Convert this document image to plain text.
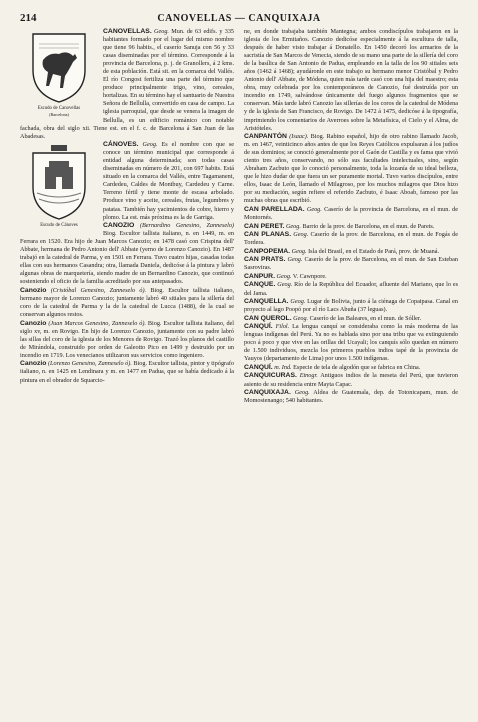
214	CANOVELLAS — CANQUIXAJA
Escudo de Canovellas
(Barcelona)

CANOVELLAS. Geog. Mun. de 63 edifs. y 335 habitantes formado por el lugar del mismo nombre que tiene 96 habits., el caserío Sanuja con 56 y 33 casas diseminadas por el término. Corresponde á la provincia de Barcelona, p. j. de Granollers, á 2 kms. de esta población. Está sit. en la comarca del Vallés. El río Congost fertiliza una parte del término que produce principalmente trigo, vino, cereales, hortalizas. En su término hay el santuario de Nuestra Señora de Bellulla, convertido en casa de campo. La iglesia parroquial, que desde se venera la imagen de Bellulla, es un edificio románico con notable fachada, obra del siglo xii. Tiene est. en el f. c. de Barcelona á San Juan de las Abadesas.

Escudo de Cánoves

CÁNOVES. Geog. Es el nombre con que se conoce un término municipal que corresponde á entidad alguna determinada; son todas casas diseminadas en número de 201, con 697 habits. Está situado en la comarca del Vallés, entre Tagamanent, Cardedeu, Caldes de Montbuy, Cardedeu y Carne. Terreno fértil y tiene monte de escasa arbolado. Produce vino y aceite, cereales, frutas, legumbres y patatas. También hay yacimientos de cobre, hierro y plomo. La est. más próxima es la de Garriga.

CANOZIO (Bernardino Genesino, Zanneselo) Biog. Escultor tallista italiano, n. en 1449, m. en Ferrara en 1520. Era hijo de Juan Marcos Canozio; en 1478 casó con Crispina dell' Abbate, hermana de Pedro Antonio dell' Abbate (yerno de Lorenzo Canozio). En 1487 trabajó en la catedral de Parma, y en 1501 en Ferrara. Tuvo cuatro hijas, casadas todas ellas con sus hermanos Casandra; otra, llamada Daniela, dedicóse á la pintura y labró algunas obras de marquetería, siendo madre de un Bernardino Canozio, que continuó sosteniendo el oficio de la familia acreditado por sus antepasados.

Canozio (Cristóbal Genesino, Zanneselo ó). Biog. Escultor tallista italiano, hermano mayor de Lorenzo Canozio; juntamente labró 40 sitiales para la sillería del coro de la catedral de Parma y la de la catedral de Lucca (1488), de la cual se conservan algunos restos.

Canozio (Juan Marcos Genesino, Zanneselo ó). Biog. Escultor tallista italiano, del siglo xv, m. en Rovigo. En hijo de Lorenzo Canozio, juntamente con su padre labró las sillas del coro de la iglesia de los Menores de Rovigo. Trazó los planos del castillo de Mirándola, construido por orden de Galeotto Pico en 1499 y destruido por un incendio en 1719. Los venecianos utilizaron sus servicios como ingeniero.

Canozio (Lorenzo Genesino, Zanneselo ó). Biog. Escultor tallista, pintor y tipógrafo italiano, n. en 1425 en Lendinara y m. en 1477 en Padua, que se había dedicado á la pintura en el obrador de Squarcio-

ne, en donde trabajaba también Mantegna; ambos condiscípulos trabajaron en la iglesia de los Ermitaños. Canozio dedicóse especialmente á la escultura de talla, después de haber visto trabajar á Donatello. En 1450 decoró los armarios de la sacristía de San Marcos de Venecia, siendo de su mano una parte de la sillería del coro de la basílica de San Antonio de Padua, empleando en la talla de los 90 sitiales seis años (1462 á 1468); ayudáronle en este trabajo su hermano menor Cristóbal y Pedro Antonio dell' Abbate, de Módena, quien más tarde casó con una hija del maestro; esta obra, muy celebrada por los contemporáneos de Canozio, fué destruída por un incendio en 1749, salvándose únicamente del fuego algunos fragmentos que se conservan. Más tarde labró Canozio las sillerías de los coros de la catedral de Módena y de la iglesia de San Francisco, de Rovigo. De 1472 á 1475, dedicóse á la tipografía, imprimiendo los comentarios de Averroes sobre la Metafísica, el Cielo y el Alma, de Aristóteles.

CANPANTÓN (Isaac). Biog. Rabino español, hijo de otro rabino llamado Jacob, m. en 1467, veinticinco años antes de que los Reyes Católicos expulsaran á los judíos de sus dominios; se conoció generalmente por el Gaón de Castilla y es fama que vivió ciento tres años, conservando, no sólo sus facultades intelectuales, sino, según Abraham Zacbuto que lo conoció personalmente, toda la lozanía de su ideal belleza, que le hizo dudar de que fuera un ser puramente mortal. Tuvo varios discípulos, entre ellos, Isaac de León, llamado el Milagroso, por los muchos milagros que Dios hizo por su mediación, según refiere el referido Zacbuto, é Isaac Aboab, famoso por las muchas obras que escribió.

CAN PARELLADA. Geog. Caserío de la provincia de Barcelona, en el mun. de Montornés.

CAN PERET. Geog. Barrio de la prov. de Barcelona, en el mun. de Parets.

CAN PLANAS. Geog. Caserío de la prov. de Barcelona, en el mun. de Fogás de Tordera.

CANPOPEMA. Geog. Isla del Brasil, en el Estado de Pará, prov. de Muaná.

CAN PRATS. Geog. Caserío de la prov. de Barcelona, en el mun. de San Esteban Sasroviras.

CANPUR. Geog. V. Cawnpore.

CANQUE. Geog. Río de la República del Ecuador, afluente del Mariano, que lo es del Jama.

CANQUELLA. Geog. Lugar de Bolivia, junto á la ciénaga de Copaipasa. Canal en proyecto al lago Poopó por el río Lacs Abuña (37 leguas).

CAN QUEROL. Geog. Caserío de las Baleares, en el mun. de Sóller.

CANQUÍ. Filol. La lengua canquí se consideraba como la más moderna de las lenguas indígenas del Perú. Ya no es hablada sino por una tribu que va extinguiendo poco á poco y que vive en las orillas del Ucayali; los canquís sólo quedan en número de 1.500 individuos, mezcla los primeros pueblos indios tapé de la provincia de Yauyos (departamento de Lima) por unos 1.500 indígenas.

CANQUÍ. m. Ind. Especie de tela de algodón que se fabrica en China.

CANQUICURAS. Etnogr. Antiguos indios de la meseta del Perú, que tuvieron asiento de su residencia entre Mayta Capac.

CANQUIXAJA. Geog. Aldea de Guatemala, dep. de Totonicapam, mun. de Momostenango; 540 habitantes.
